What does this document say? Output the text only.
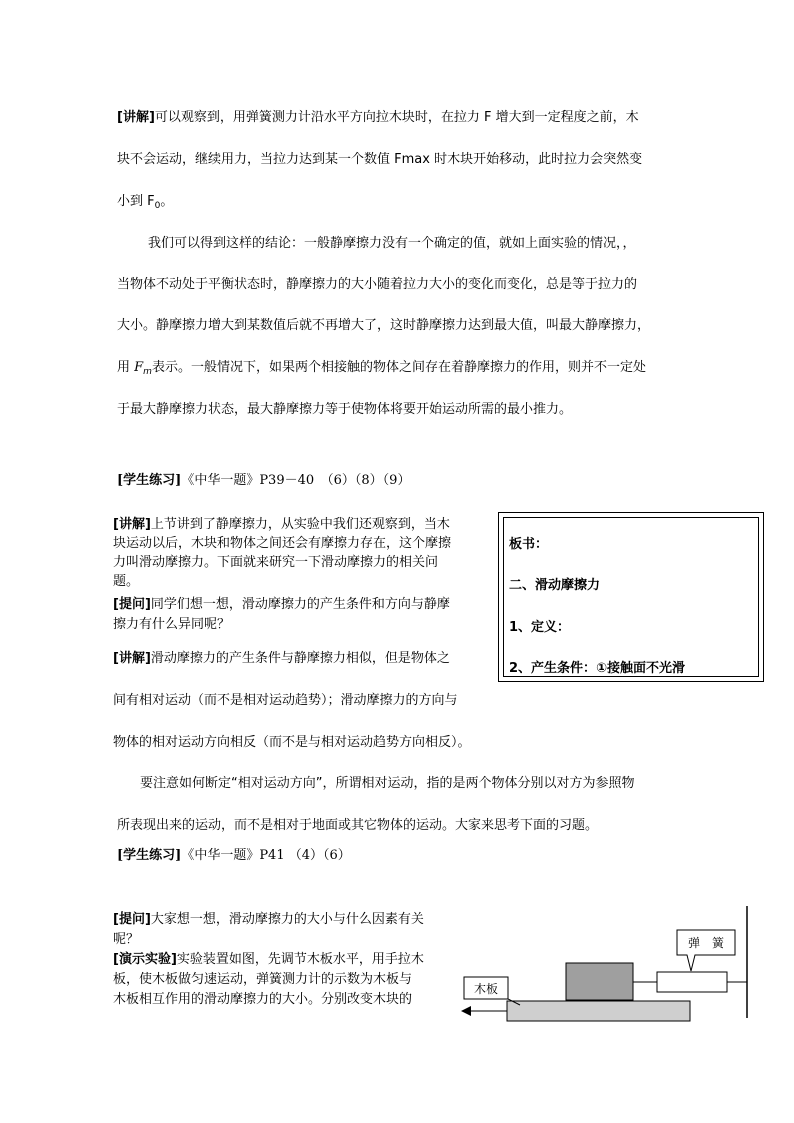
[讲解]可以观察到，用弹簧测力计沿水平方向拉木块时，在拉力 F 增大到一定程度之前，木
块不会运动，继续用力，当拉力达到某一个数值 Fmax 时木块开始移动，此时拉力会突然变
小到 $F_0$。
我们可以得到这样的结论：一般静摩擦力没有一个确定的值，就如上面实验的情况，，
当物体不动处于平衡状态时，静摩擦力的大小随着拉力大小的变化而变化，总是等于拉力的
大小。静摩擦力增大到某数值后就不再增大了，这时静摩擦力达到最大值，叫最大静摩擦力，
用 $F_m$表示。一般情况下，如果两个相接触的物体之间存在着静摩擦力的作用，则并不一定处
于最大静摩擦力状态，最大静摩擦力等于使物体将要开始运动所需的最小推力。
[学生练习]《中华一题》P39－40　（6）（8）（9）
[讲解]上节讲到了静摩擦力，从实验中我们还观察到，当木
块运动以后，木块和物体之间还会有摩擦力存在，这个摩擦
力叫滑动摩擦力。下面就来研究一下滑动摩擦力的相关问
题。
[提问]同学们想一想，滑动摩擦力的产生条件和方向与静摩
擦力有什么异同呢？
[讲解]滑动摩擦力的产生条件与静摩擦力相似，但是物体之
间有相对运动（而不是相对运动趋势）；滑动摩擦力的方向与
物体的相对运动方向相反（而不是与相对运动趋势方向相反）。
板书：
二、滑动摩擦力
1、定义：
2、产生条件：①接触面不光滑
要注意如何断定“相对运动方向”，所谓相对运动，指的是两个物体分别以对方为参照物
所表现出来的运动，而不是相对于地面或其它物体的运动。大家来思考下面的习题。
[学生练习]《中华一题》P41 （4）（6）
[提问]大家想一想，滑动摩擦力的大小与什么因素有关
呢？
[演示实验]实验装置如图，先调节木板水平，用手拉木
板，使木板做匀速运动，弹簧测力计的示数为木板与
木板相互作用的滑动摩擦力的大小。分别改变木块的
木板
弹　簧
